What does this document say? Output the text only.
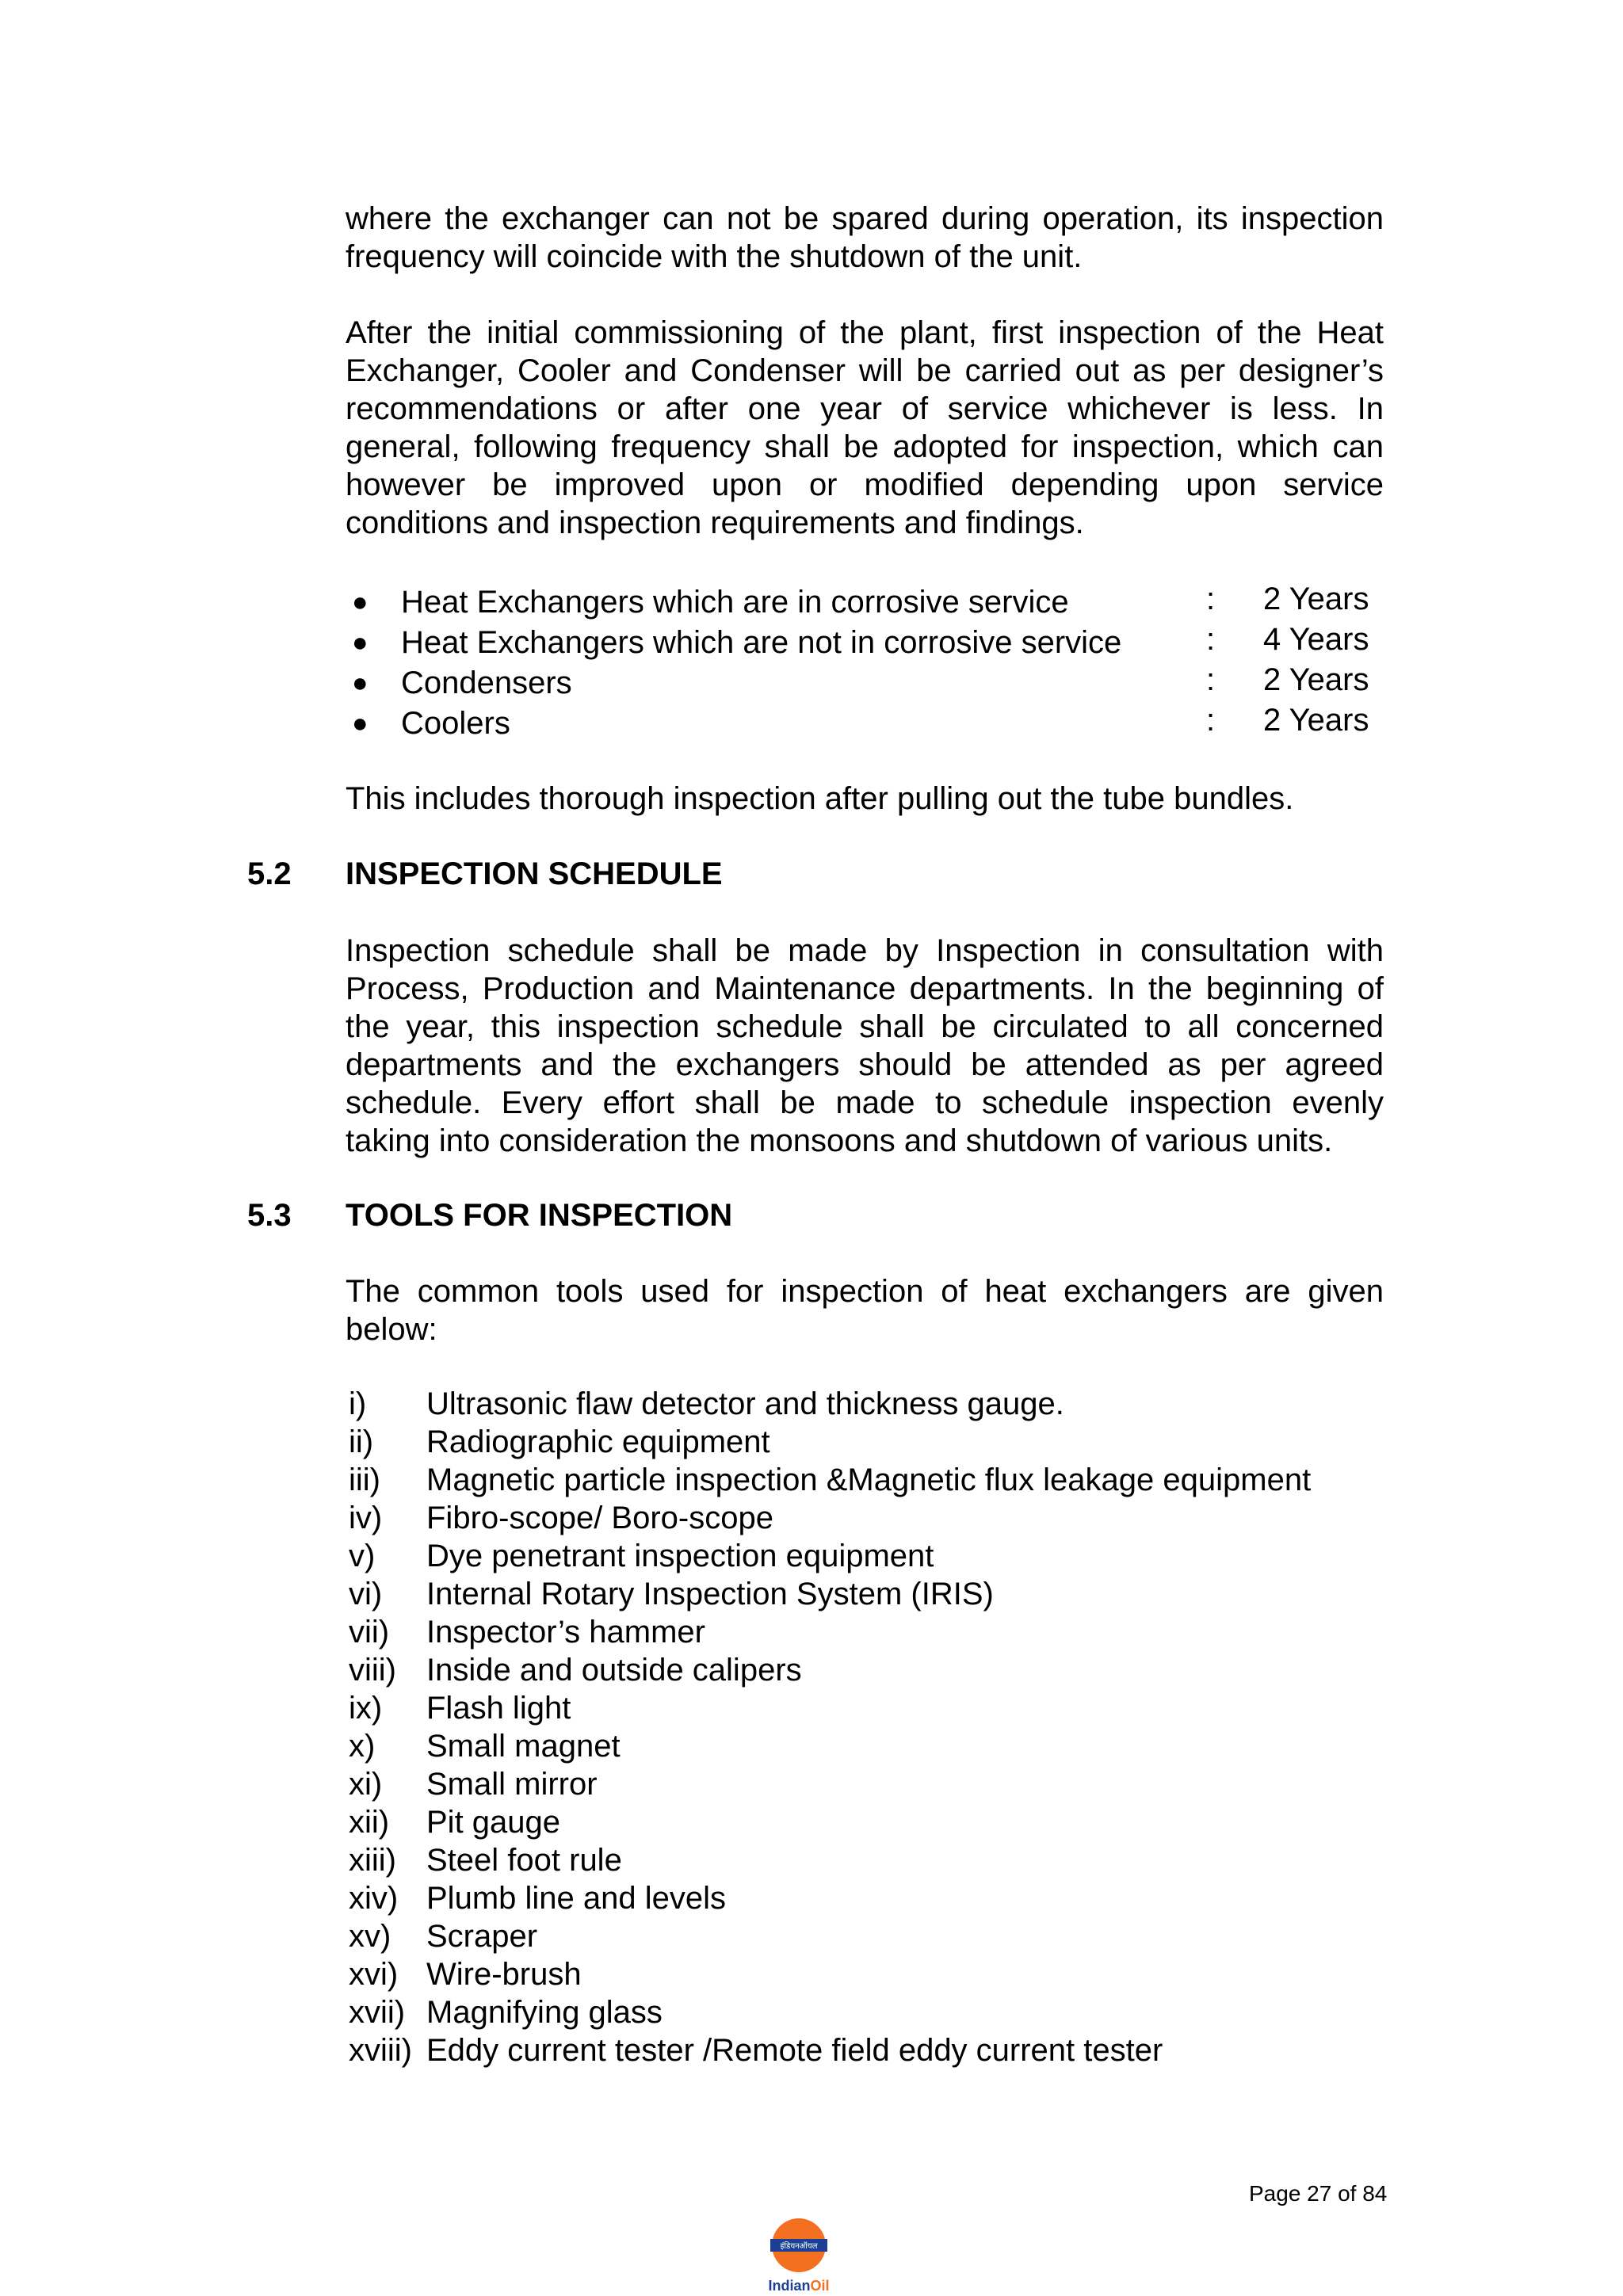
where the exchanger can not be spared during operation, its inspection
frequency will coincide with the shutdown of the unit.
After the initial commissioning of the plant, first inspection of the Heat
Exchanger, Cooler and Condenser will be carried out as per designer’s
recommendations or after one year of service whichever is less. In
general, following frequency shall be adopted for inspection, which can
however be improved upon or modified depending upon service
conditions and inspection requirements and findings.
● Heat Exchangers which are in corrosive service	: 2 Years
● Heat Exchangers which are not in corrosive service	: 4 Years
● Condensers	: 2 Years
● Coolers	: 2 Years
This includes thorough inspection after pulling out the tube bundles.
5.2 INSPECTION SCHEDULE
Inspection schedule shall be made by Inspection in consultation with
Process, Production and Maintenance departments. In the beginning of
the year, this inspection schedule shall be circulated to all concerned
departments and the exchangers should be attended as per agreed
schedule. Every effort shall be made to schedule inspection evenly
taking into consideration the monsoons and shutdown of various units.
5.3 TOOLS FOR INSPECTION
The common tools used for inspection of heat exchangers are given
below:
i) Ultrasonic flaw detector and thickness gauge.
ii) Radiographic equipment
iii) Magnetic particle inspection &Magnetic flux leakage equipment
iv) Fibro-scope/ Boro-scope
v) Dye penetrant inspection equipment
vi) Internal Rotary Inspection System (IRIS)
vii) Inspector’s hammer
viii) Inside and outside calipers
ix) Flash light
x) Small magnet
xi) Small mirror
xii) Pit gauge
xiii) Steel foot rule
xiv) Plumb line and levels
xv) Scraper
xvi) Wire-brush
xvii) Magnifying glass
xviii) Eddy current tester /Remote field eddy current tester
Page 27 of 84
इंडियनऑयल
IndianOil
